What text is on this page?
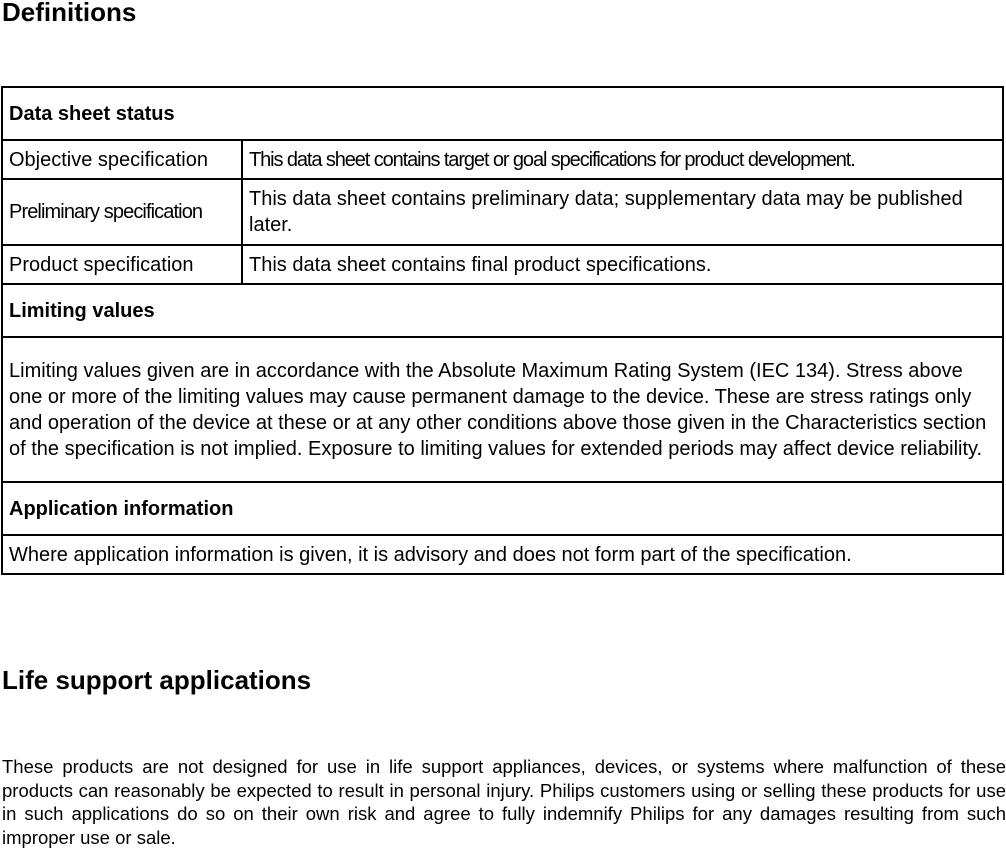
Definitions
Data sheet status	
Objective specification	This data sheet contains target or goal specifications for product development.
Preliminary specification	This data sheet contains preliminary data; supplementary data may be published later.
Product specification	This data sheet contains final product specifications.
Limiting values	
Limiting values given are in accordance with the Absolute Maximum Rating System (IEC 134). Stress above one or more of the limiting values may cause permanent damage to the device. These are stress ratings only and operation of the device at these or at any other conditions above those given in the Characteristics section of the specification is not implied. Exposure to limiting values for extended periods may affect device reliability.	
Application information	
Where application information is given, it is advisory and does not form part of the specification.	
Life support applications

These products are not designed for use in life support appliances, devices, or systems where malfunction of these products can reasonably be expected to result in personal injury. Philips customers using or selling these products for use in such applications do so on their own risk and agree to fully indemnify Philips for any damages resulting from such improper use or sale.
